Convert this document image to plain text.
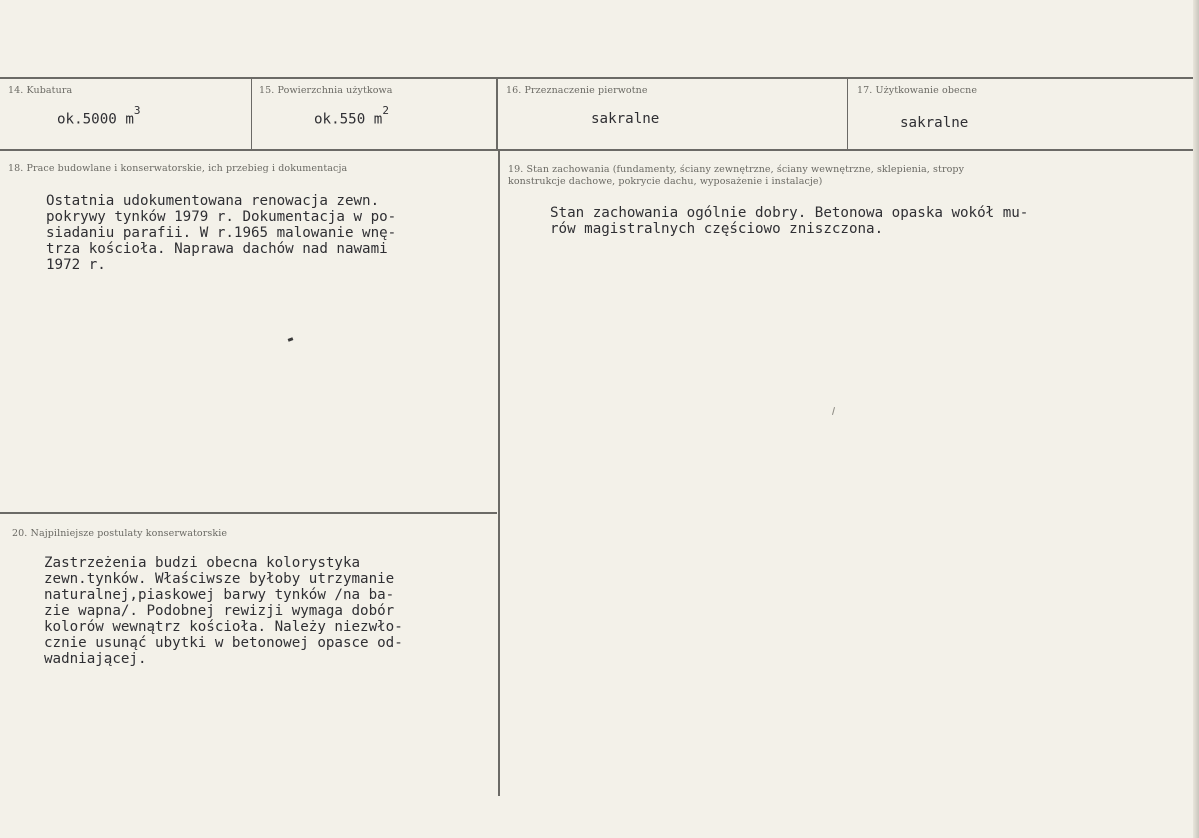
14. Kubatura
ok.5000 $m^3$
15. Powierzchnia użytkowa
ok.550 $m^2$
16. Przeznaczenie pierwotne
sakralne
17. Użytkowanie obecne
sakralne
18. Prace budowlane i konserwatorskie, ich przebieg i dokumentacja
Ostatnia udokumentowana renowacja zewn.
pokrywy tynków 1979 r. Dokumentacja w po-
siadaniu parafii. W r.1965 malowanie wnę-
trza kościoła. Naprawa dachów nad nawami
1972 r.
19. Stan zachowania (fundamenty, ściany zewnętrzne, ściany wewnętrzne, sklepienia, stropy
konstrukcje dachowe, pokrycie dachu, wyposażenie i instalacje)
Stan zachowania ogólnie dobry. Betonowa opaska wokół mu-
rów magistralnych częściowo zniszczona.
20. Najpilniejsze postulaty konserwatorskie
Zastrzeżenia budzi obecna kolorystyka
zewn.tynków. Właściwsze byłoby utrzymanie
naturalnej,piaskowej barwy tynków /na ba-
zie wapna/. Podobnej rewizji wymaga dobór
kolorów wewnątrz kościoła. Należy niezwło-
cznie usunąć ubytki w betonowej opasce od-
wadniającej.
